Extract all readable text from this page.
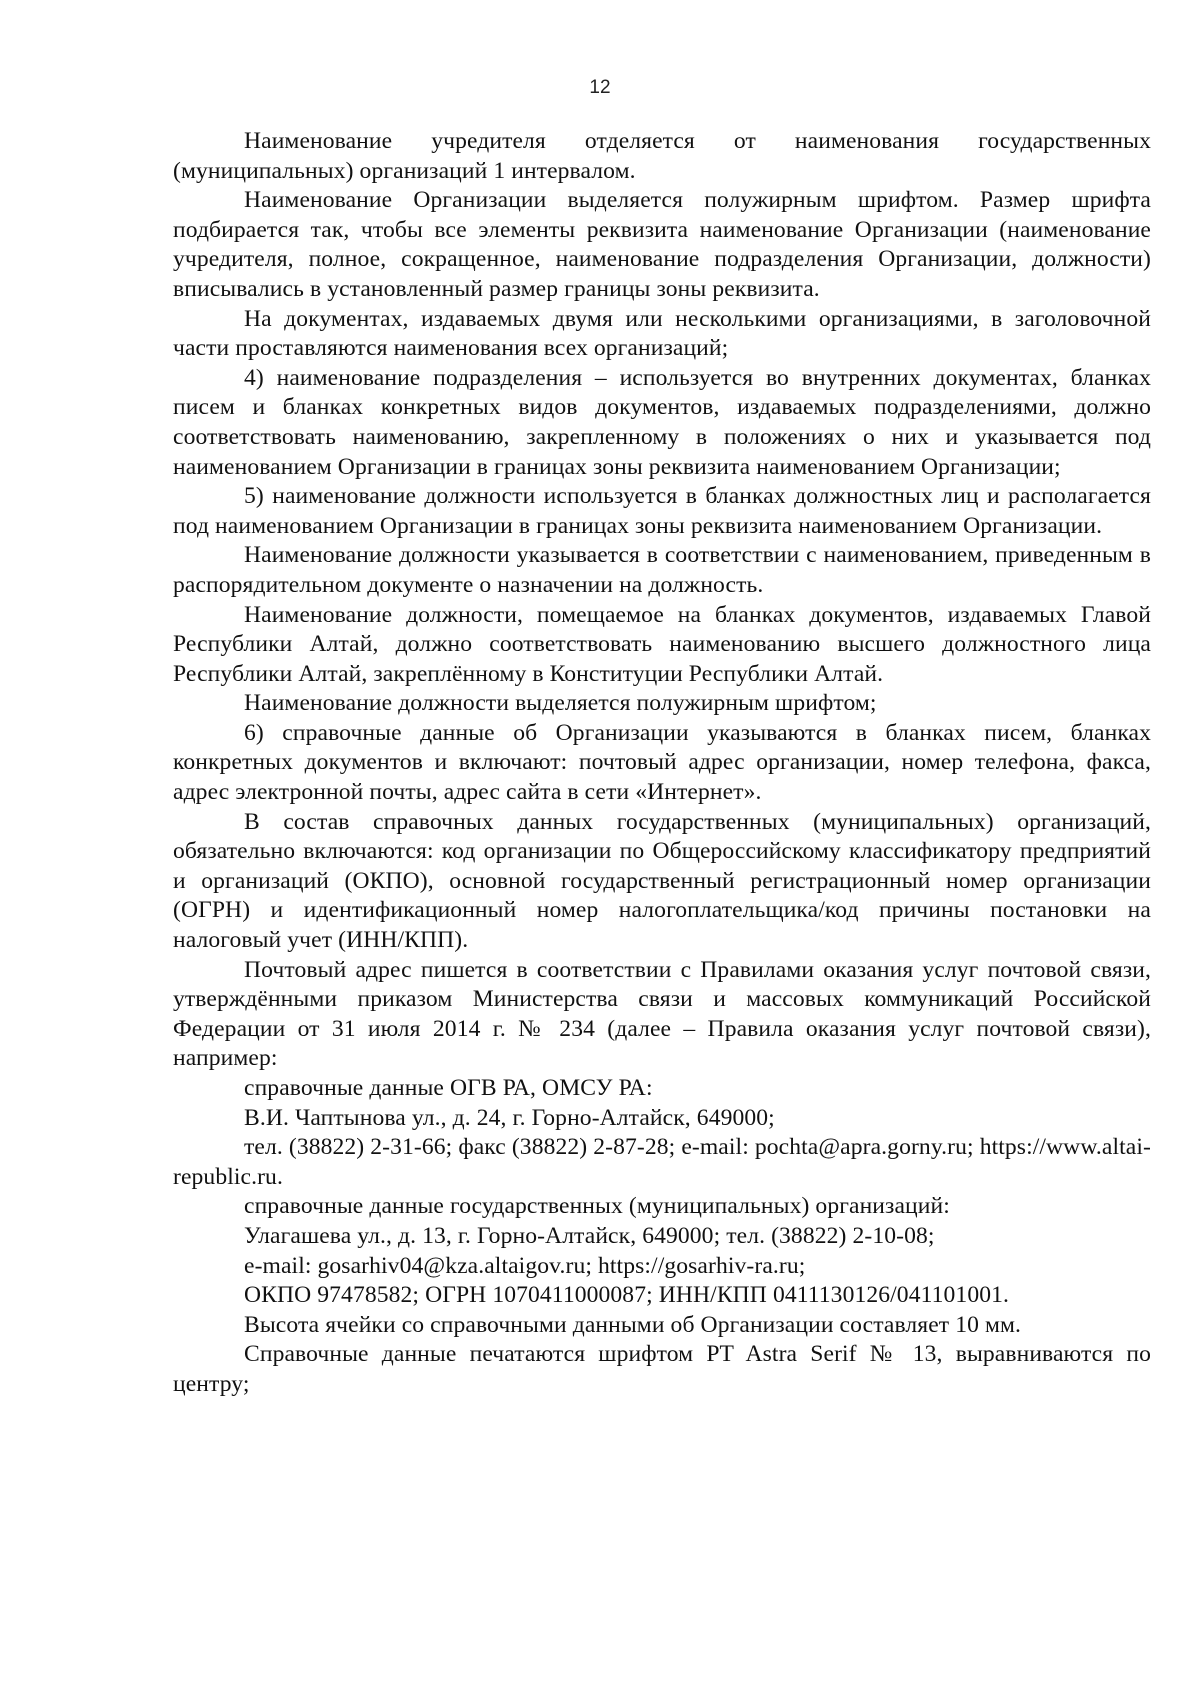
12

Наименование учредителя отделяется от наименования государственных (муниципальных) организаций 1 интервалом.

Наименование Организации выделяется полужирным шрифтом. Размер шрифта подбирается так, чтобы все элементы реквизита наименование Организации (наименование учредителя, полное, сокращенное, наименование подразделения Организации, должности) вписывались в установленный размер границы зоны реквизита.

На документах, издаваемых двумя или несколькими организациями, в заголовочной части проставляются наименования всех организаций;

4) наименование подразделения – используется во внутренних документах, бланках писем и бланках конкретных видов документов, издаваемых подразделениями, должно соответствовать наименованию, закрепленному в положениях о них и указывается под наименованием Организации в границах зоны реквизита наименованием Организации;

5) наименование должности используется в бланках должностных лиц и располагается под наименованием Организации в границах зоны реквизита наименованием Организации.

Наименование должности указывается в соответствии с наименованием, приведенным в распорядительном документе о назначении на должность.

Наименование должности, помещаемое на бланках документов, издаваемых Главой Республики Алтай, должно соответствовать наименованию высшего должностного лица Республики Алтай, закреплённому в Конституции Республики Алтай.

Наименование должности выделяется полужирным шрифтом;

6) справочные данные об Организации указываются в бланках писем, бланках конкретных документов и включают: почтовый адрес организации, номер телефона, факса, адрес электронной почты, адрес сайта в сети «Интернет».

В состав справочных данных государственных (муниципальных) организаций, обязательно включаются: код организации по Общероссийскому классификатору предприятий и организаций (ОКПО), основной государственный регистрационный номер организации (ОГРН) и идентификационный номер налогоплательщика/код причины постановки на налоговый учет (ИНН/КПП).

Почтовый адрес пишется в соответствии с Правилами оказания услуг почтовой связи, утверждёнными приказом Министерства связи и массовых коммуникаций Российской Федерации от 31 июля 2014 г. № 234 (далее – Правила оказания услуг почтовой связи), например:

справочные данные ОГВ РА, ОМСУ РА:

В.И. Чаптынова ул., д. 24, г. Горно-Алтайск, 649000;

тел. (38822) 2-31-66; факс (38822) 2-87-28; e-mail: pochta@apra.gorny.ru; https://www.altai-republic.ru.

справочные данные государственных (муниципальных) организаций:

Улагашева ул., д. 13, г. Горно-Алтайск, 649000; тел. (38822) 2-10-08;

e-mail: gosarhiv04@kza.altaigov.ru; https://gosarhiv-ra.ru;

ОКПО 97478582; ОГРН 1070411000087; ИНН/КПП 0411130126/041101001.

Высота ячейки со справочными данными об Организации составляет 10 мм.

Справочные данные печатаются шрифтом PT Astra Serif № 13, выравниваются по центру;
